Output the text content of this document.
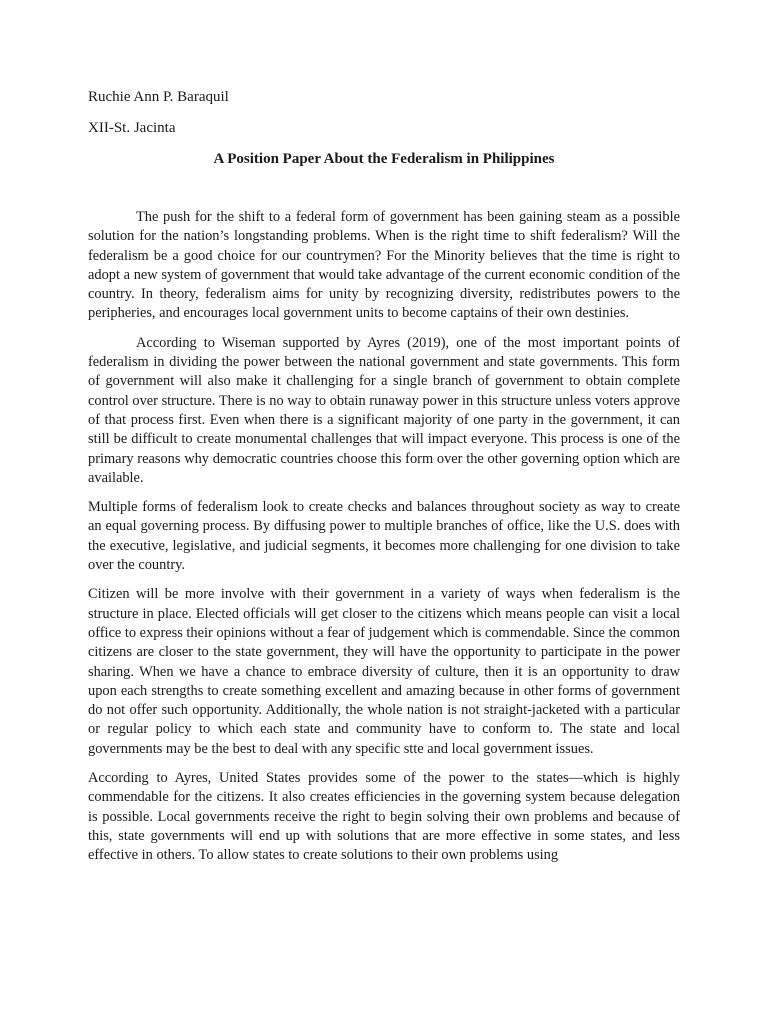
Ruchie Ann P. Baraquil
XII-St. Jacinta
A Position Paper About the Federalism in Philippines

The push for the shift to a federal form of government has been gaining steam as a possible solution for the nation’s longstanding problems. When is the right time to shift federalism? Will the federalism be a good choice for our countrymen? For the Minority believes that the time is right to adopt a new system of government that would take advantage of the current economic condition of the country. In theory, federalism aims for unity by recognizing diversity, redistributes powers to the peripheries, and encourages local government units to become captains of their own destinies.

According to Wiseman supported by Ayres (2019), one of the most important points of federalism in dividing the power between the national government and state governments. This form of government will also make it challenging for a single branch of government to obtain complete control over structure. There is no way to obtain runaway power in this structure unless voters approve of that process first. Even when there is a significant majority of one party in the government, it can still be difficult to create monumental challenges that will impact everyone. This process is one of the primary reasons why democratic countries choose this form over the other governing option which are available.

Multiple forms of federalism look to create checks and balances throughout society as way to create an equal governing process. By diffusing power to multiple branches of office, like the U.S. does with the executive, legislative, and judicial segments, it becomes more challenging for one division to take over the country.

Citizen will be more involve with their government in a variety of ways when federalism is the structure in place. Elected officials will get closer to the citizens which means people can visit a local office to express their opinions without a fear of judgement which is commendable. Since the common citizens are closer to the state government, they will have the opportunity to participate in the power sharing. When we have a chance to embrace diversity of culture, then it is an opportunity to draw upon each strengths to create something excellent and amazing because in other forms of government do not offer such opportunity. Additionally, the whole nation is not straight-jacketed with a particular or regular policy to which each state and community have to conform to. The state and local governments may be the best to deal with any specific stte and local government issues.

According to Ayres, United States provides some of the power to the states—which is highly commendable for the citizens. It also creates efficiencies in the governing system because delegation is possible. Local governments receive the right to begin solving their own problems and because of this, state governments will end up with solutions that are more effective in some states, and less effective in others. To allow states to create solutions to their own problems using
